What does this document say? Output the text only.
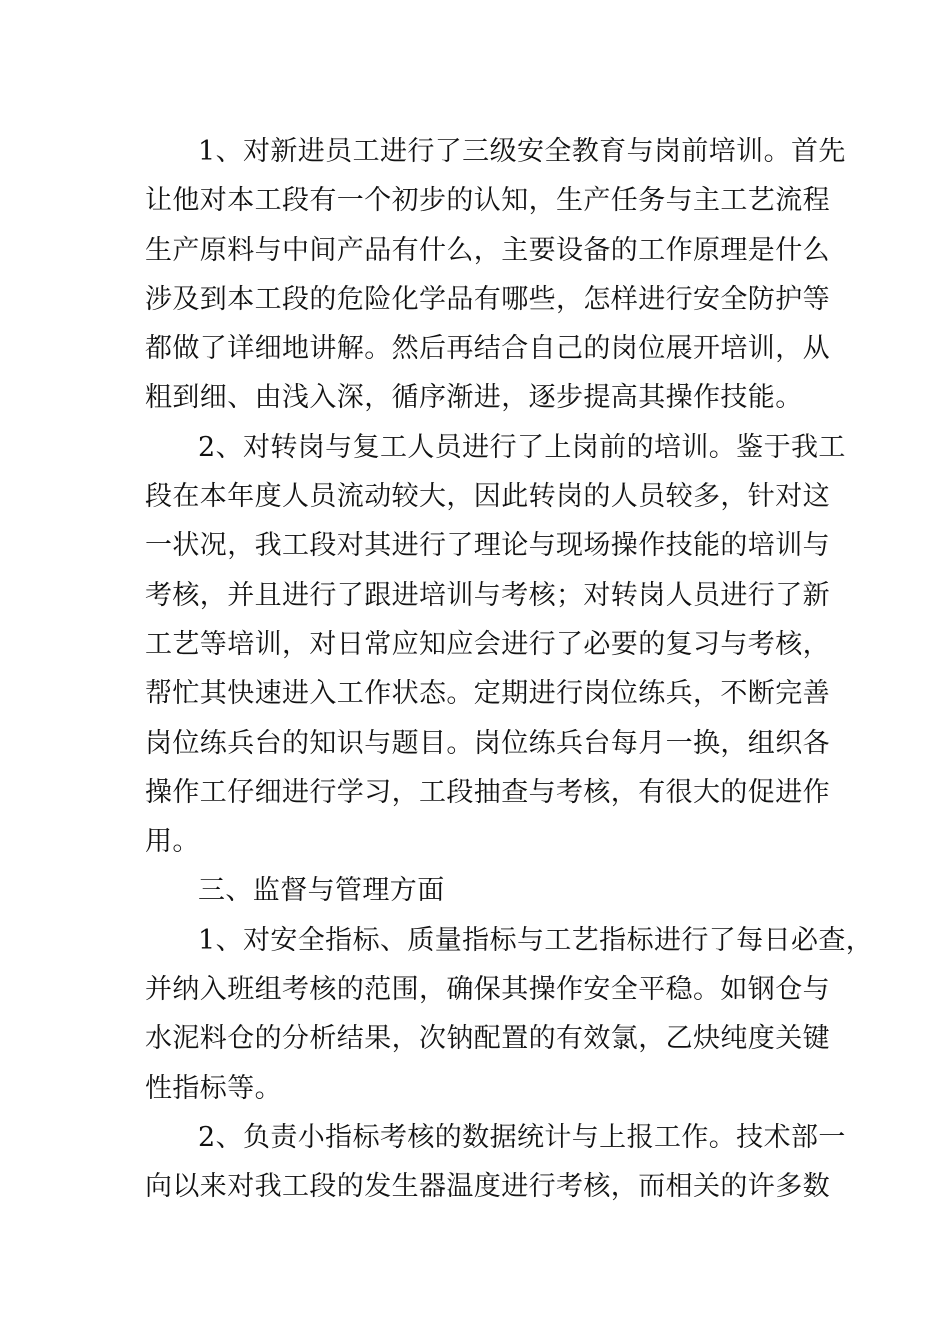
1、对新进员工进行了三级安全教育与岗前培训。首先
让他对本工段有一个初步的认知，生产任务与主工艺流程
生产原料与中间产品有什么，主要设备的工作原理是什么
涉及到本工段的危险化学品有哪些，怎样进行安全防护等
都做了详细地讲解。然后再结合自己的岗位展开培训，从
粗到细、由浅入深，循序渐进，逐步提高其操作技能。
2、对转岗与复工人员进行了上岗前的培训。鉴于我工
段在本年度人员流动较大，因此转岗的人员较多，针对这
一状况，我工段对其进行了理论与现场操作技能的培训与
考核，并且进行了跟进培训与考核；对转岗人员进行了新
工艺等培训，对日常应知应会进行了必要的复习与考核，
帮忙其快速进入工作状态。定期进行岗位练兵，不断完善
岗位练兵台的知识与题目。岗位练兵台每月一换，组织各
操作工仔细进行学习，工段抽查与考核，有很大的促进作
用。
三、监督与管理方面
1、对安全指标、质量指标与工艺指标进行了每日必查，
并纳入班组考核的范围，确保其操作安全平稳。如钢仓与
水泥料仓的分析结果，次钠配置的有效氯，乙炔纯度关键
性指标等。
2、负责小指标考核的数据统计与上报工作。技术部一
向以来对我工段的发生器温度进行考核，而相关的许多数
